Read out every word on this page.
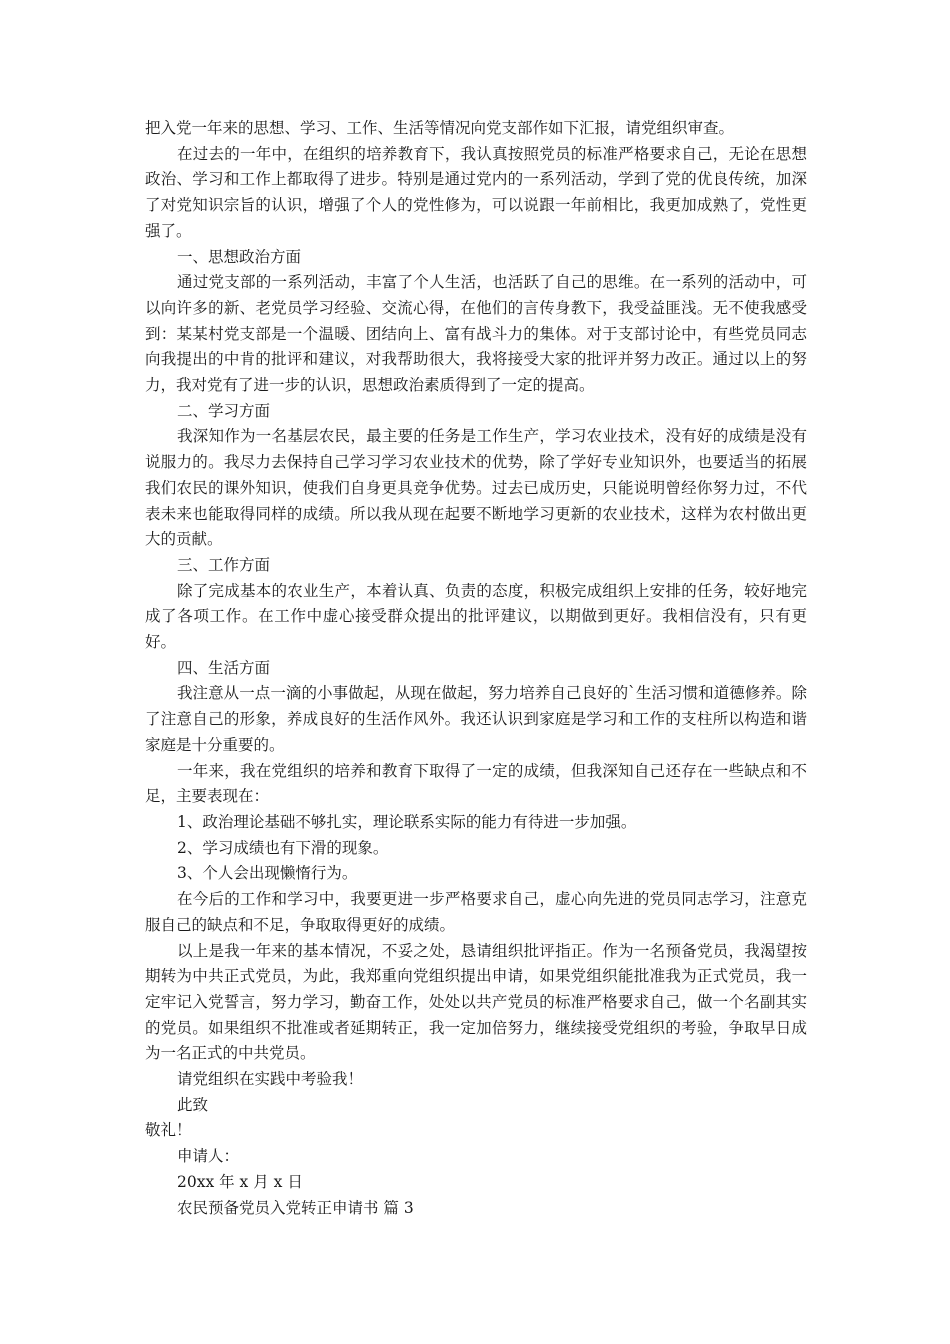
把入党一年来的思想、学习、工作、生活等情况向党支部作如下汇报，请党组织审查。

在过去的一年中，在组织的培养教育下，我认真按照党员的标准严格要求自己，无论在思想政治、学习和工作上都取得了进步。特别是通过党内的一系列活动，学到了党的优良传统，加深了对党知识宗旨的认识，增强了个人的党性修为，可以说跟一年前相比，我更加成熟了，党性更强了。

一、思想政治方面

通过党支部的一系列活动，丰富了个人生活，也活跃了自己的思维。在一系列的活动中，可以向许多的新、老党员学习经验、交流心得，在他们的言传身教下，我受益匪浅。无不使我感受到：某某村党支部是一个温暖、团结向上、富有战斗力的集体。对于支部讨论中，有些党员同志向我提出的中肯的批评和建议，对我帮助很大，我将接受大家的批评并努力改正。通过以上的努力，我对党有了进一步的认识，思想政治素质得到了一定的提高。

二、学习方面

我深知作为一名基层农民，最主要的任务是工作生产，学习农业技术，没有好的成绩是没有说服力的。我尽力去保持自己学习学习农业技术的优势，除了学好专业知识外，也要适当的拓展我们农民的课外知识，使我们自身更具竞争优势。过去已成历史，只能说明曾经你努力过，不代表未来也能取得同样的成绩。所以我从现在起要不断地学习更新的农业技术，这样为农村做出更大的贡献。

三、工作方面

除了完成基本的农业生产，本着认真、负责的态度，积极完成组织上安排的任务，较好地完成了各项工作。在工作中虚心接受群众提出的批评建议，以期做到更好。我相信没有，只有更好。

四、生活方面

我注意从一点一滴的小事做起，从现在做起，努力培养自己良好的`生活习惯和道德修养。除了注意自己的形象，养成良好的生活作风外。我还认识到家庭是学习和工作的支柱所以构造和谐家庭是十分重要的。

一年来，我在党组织的培养和教育下取得了一定的成绩，但我深知自己还存在一些缺点和不足，主要表现在：

1、政治理论基础不够扎实，理论联系实际的能力有待进一步加强。

2、学习成绩也有下滑的现象。

3、个人会出现懒惰行为。

在今后的工作和学习中，我要更进一步严格要求自己，虚心向先进的党员同志学习，注意克服自己的缺点和不足，争取取得更好的成绩。

以上是我一年来的基本情况，不妥之处，恳请组织批评指正。作为一名预备党员，我渴望按期转为中共正式党员，为此，我郑重向党组织提出申请，如果党组织能批准我为正式党员，我一定牢记入党誓言，努力学习，勤奋工作，处处以共产党员的标准严格要求自己，做一个名副其实的党员。如果组织不批准或者延期转正，我一定加倍努力，继续接受党组织的考验，争取早日成为一名正式的中共党员。

请党组织在实践中考验我！

此致

敬礼！

申请人：

20xx 年 x 月 x 日

农民预备党员入党转正申请书 篇 3
